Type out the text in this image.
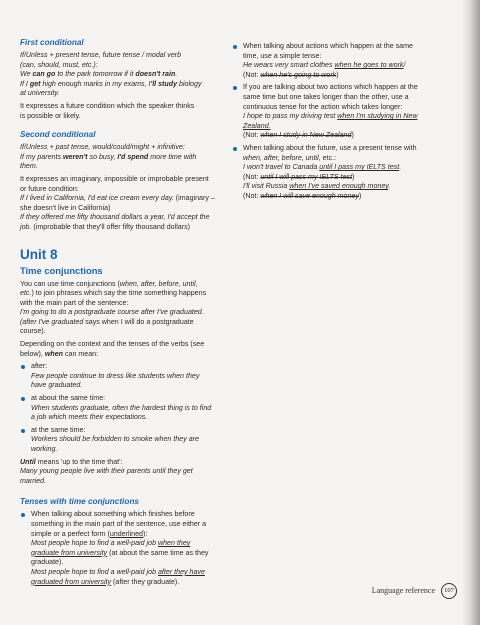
First conditional

If/Unless + present tense, future tense / modal verb

(can, should, must, etc.):

We can go to the park tomorrow if it doesn't rain.

If I get high enough marks in my exams, I'll study biology

at university.

It expresses a future condition which the speaker thinks

is possible or likely.

Second conditional

If/Unless + past tense, would/could/might + infinitive:

If my parents weren't so busy, I'd spend more time with

them.

It expresses an imaginary, impossible or improbable present

or future condition:

If I lived in California, I'd eat ice cream every day. (imaginary –

she doesn't live in California)

If they offered me fifty thousand dollars a year, I'd accept the

job. (improbable that they'll offer fifty thousand dollars)

Unit 8
Time conjunctions

You can use time conjunctions (when, after, before, until,

etc.) to join phrases which say the time something happens

with the main part of the sentence:

I'm going to do a postgraduate course after I've graduated.

(after I've graduated says when I will do a postgraduate

course).

Depending on the context and the tenses of the verbs (see

below), when can mean:

after:

Few people continue to dress like students when they

have graduated.

at about the same time:

When students graduate, often the hardest thing is to find

a job which meets their expectations.

at the same time:

Workers should be forbidden to smoke when they are

working.

Until means 'up to the time that':

Many young people live with their parents until they get

married.

Tenses with time conjunctions

When talking about something which finishes before

something in the main part of the sentence, use either a

simple or a perfect form (underlined):

Most people hope to find a well-paid job when they

graduate from university (at about the same time as they

graduate).

Most people hope to find a well-paid job after they have

graduated from university (after they graduate).

When talking about actions which happen at the same

time, use a simple tense:

He wears very smart clothes when he goes to work/

(Not: when he's going to work)

If you are talking about two actions which happen at the

same time but one takes longer than the other, use a

continuous tense for the action which takes longer:

I hope to pass my driving test when I'm studying in New

Zealand.

(Not: when I study in New Zealand)

When talking about the future, use a present tense with

when, after, before, until, etc.:

I won't travel to Canada until I pass my IELTS test.

(Not: until I will pass my IELTS test)

I'll visit Russia when I've saved enough money.

(Not: when I will save enough money)

Language reference	107
